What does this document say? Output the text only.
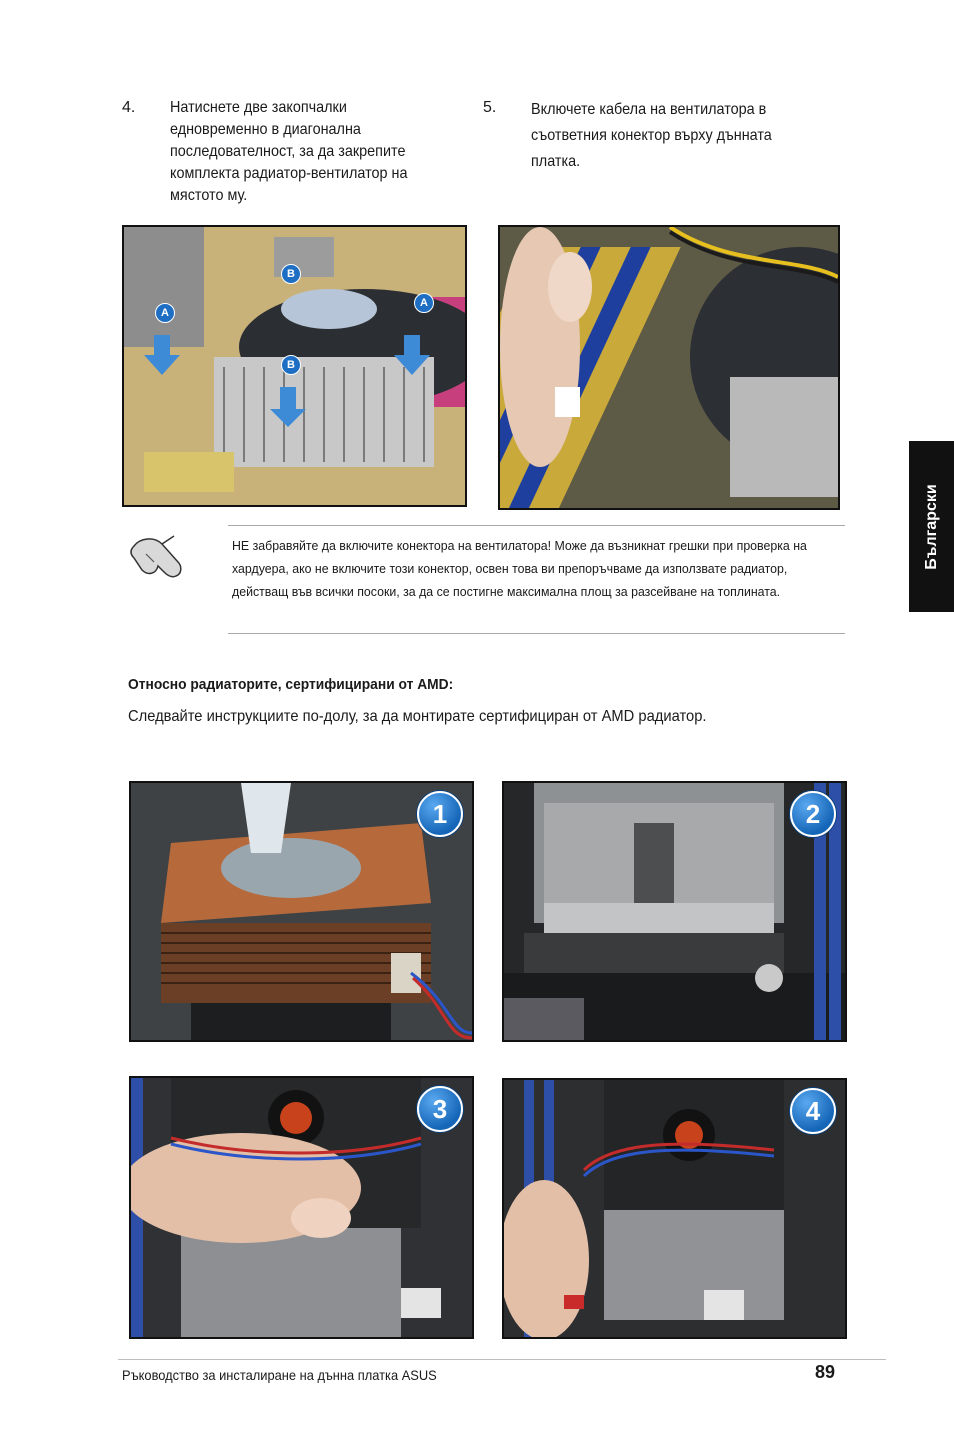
4. Натиснете две закопчалки
едновременно в диагонална
последователност, за да закрепите
комплекта радиатор-вентилатор на
мястото му.
5. Включете кабела на вентилатора в
съответния конектор върху дънната
платка.
A
B
A
B
НЕ забравяйте да включите конектора на вентилатора! Може да възникнат грешки при проверка на хардуера, ако не включите този конектор, освен това ви препоръчваме да използвате радиатор, действащ във всички посоки, за да се постигне максимална площ за разсейване на топлината.
Относно радиаторите, сертифицирани от AMD:
Следвайте инструкциите по-долу, за да монтирате сертифициран от AMD радиатор.
1	2
3	4
Български
Ръководство за инсталиране на дънна платка ASUS	89
